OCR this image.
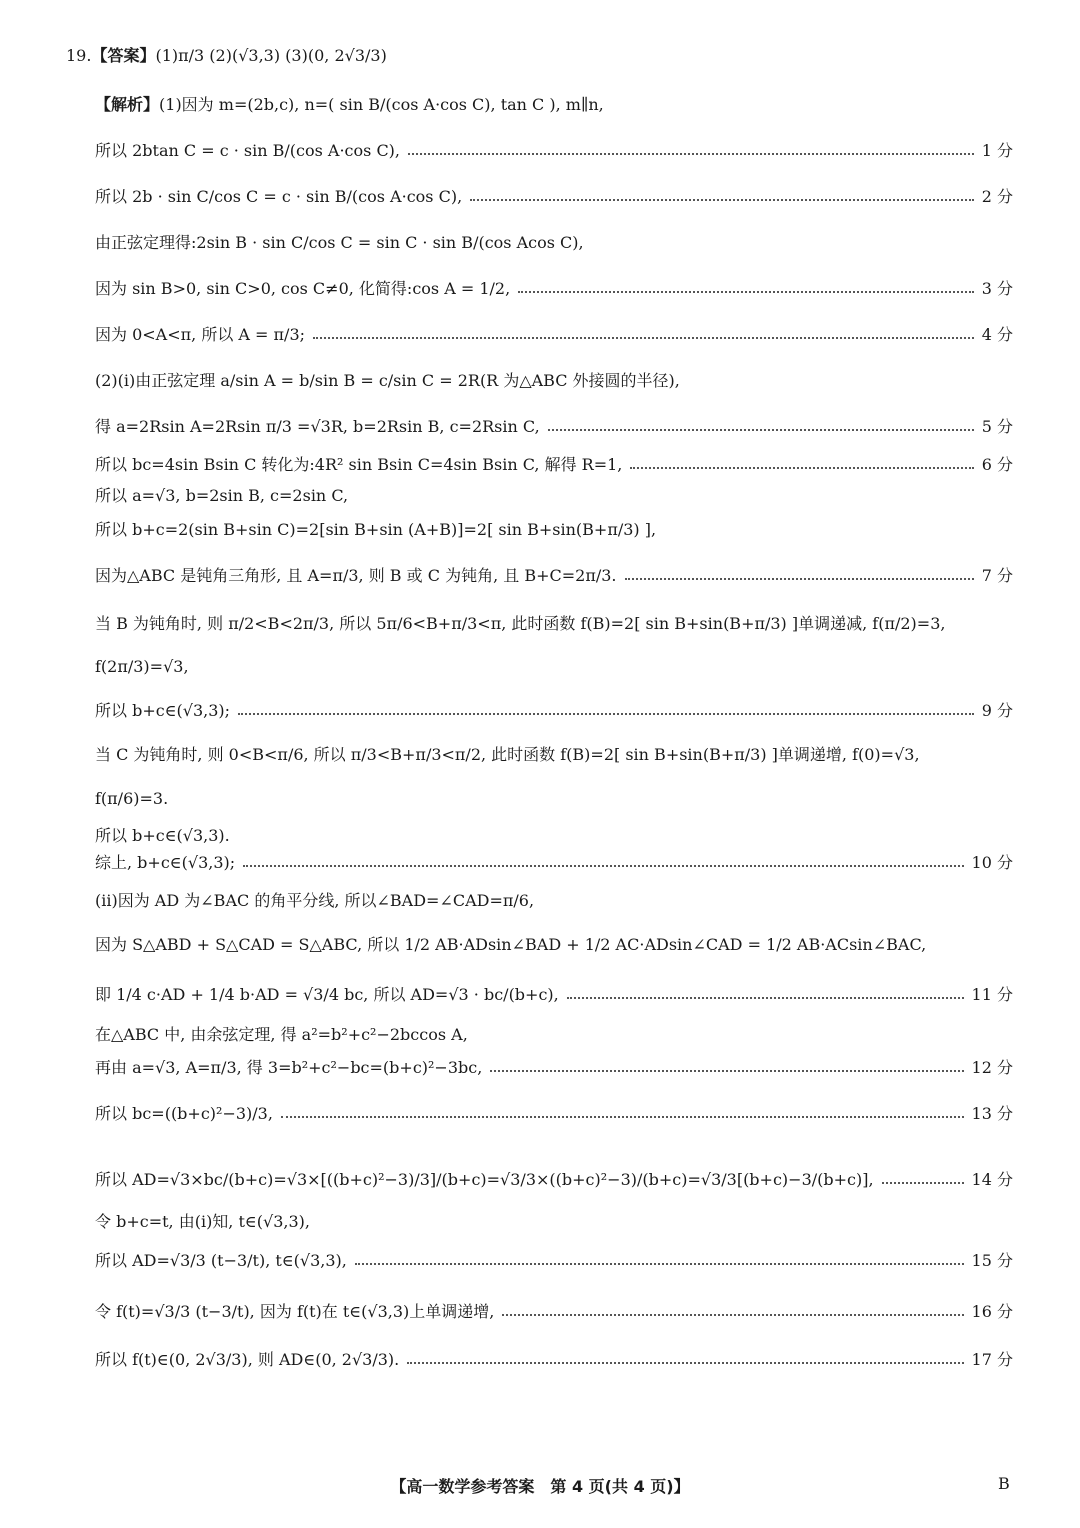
19. 【答案】 (1)π/3 (2)(√3,3) (3)(0, 2√3/3)
【解析】 (1)因为 m=(2b,c), n=( sin B/(cos A·cos C), tan C ), m∥n,
所以 2btan C = c · sin B/(cos A·cos C),	1 分
所以 2b · sin C/cos C = c · sin B/(cos A·cos C),	2 分
由正弦定理得:2sin B · sin C/cos C = sin C · sin B/(cos Acos C),
因为 sin B>0, sin C>0, cos C≠0, 化简得:cos A = 1/2,	3 分
因为 0<A<π, 所以 A = π/3;	4 分
(2)(i)由正弦定理 a/sin A = b/sin B = c/sin C = 2R(R 为△ABC 外接圆的半径),
得 a=2Rsin A=2Rsin π/3 =√3R, b=2Rsin B, c=2Rsin C,	5 分
所以 bc=4sin Bsin C 转化为:4R² sin Bsin C=4sin Bsin C, 解得 R=1,	6 分
所以 a=√3, b=2sin B, c=2sin C,
所以 b+c=2(sin B+sin C)=2[sin B+sin (A+B)]=2[ sin B+sin(B+π/3) ],
因为△ABC 是钝角三角形, 且 A=π/3, 则 B 或 C 为钝角, 且 B+C=2π/3.	7 分
当 B 为钝角时, 则 π/2<B<2π/3, 所以 5π/6<B+π/3<π, 此时函数 f(B)=2[ sin B+sin(B+π/3) ]单调递减, f(π/2)=3,
f(2π/3)=√3,
所以 b+c∈(√3,3);	9 分
当 C 为钝角时, 则 0<B<π/6, 所以 π/3<B+π/3<π/2, 此时函数 f(B)=2[ sin B+sin(B+π/3) ]单调递增, f(0)=√3,
f(π/6)=3.
所以 b+c∈(√3,3).
综上, b+c∈(√3,3);	10 分
(ii)因为 AD 为∠BAC 的角平分线, 所以∠BAD=∠CAD=π/6,
因为 S△ABD + S△CAD = S△ABC, 所以 1/2 AB·ADsin∠BAD + 1/2 AC·ADsin∠CAD = 1/2 AB·ACsin∠BAC,
即 1/4 c·AD + 1/4 b·AD = √3/4 bc, 所以 AD=√3 · bc/(b+c),	11 分
在△ABC 中, 由余弦定理, 得 a²=b²+c²−2bccos A,
再由 a=√3, A=π/3, 得 3=b²+c²−bc=(b+c)²−3bc,	12 分
所以 bc=((b+c)²−3)/3,	13 分
所以 AD=√3×bc/(b+c)=√3×[((b+c)²−3)/3]/(b+c)=√3/3×((b+c)²−3)/(b+c)=√3/3[(b+c)−3/(b+c)],	14 分
令 b+c=t, 由(i)知, t∈(√3,3),
所以 AD=√3/3 (t−3/t), t∈(√3,3),	15 分
令 f(t)=√3/3 (t−3/t), 因为 f(t)在 t∈(√3,3)上单调递增,	16 分
所以 f(t)∈(0, 2√3/3), 则 AD∈(0, 2√3/3).	17 分
【高一数学参考答案　第 4 页(共 4 页)】	B
